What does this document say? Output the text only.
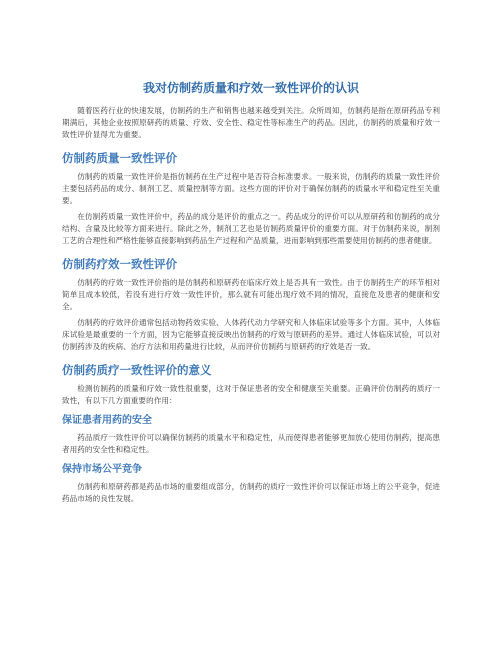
我对仿制药质量和疗效一致性评价的认识

随着医药行业的快速发展，仿制药的生产和销售也越来越受到关注。众所周知，仿制药是指在原研药品专利期满后，其他企业按照原研药的质量、疗效、安全性、稳定性等标准生产的药品。因此，仿制药的质量和疗效一致性评价显得尤为重要。

仿制药质量一致性评价

仿制药的质量一致性评价是指仿制药在生产过程中是否符合标准要求。一般来说，仿制药的质量一致性评价主要包括药品的成分、制剂工艺、质量控制等方面。这些方面的评价对于确保仿制药的质量水平和稳定性至关重要。

在仿制药质量一致性评价中，药品的成分是评价的重点之一。药品成分的评价可以从原研药和仿制药的成分结构、含量及比较等方面来进行。除此之外，制剂工艺也是仿制药质量评价的重要方面。对于仿制药来说，制剂工艺的合理性和严格性能够直接影响到药品生产过程和产品质量，进而影响到那些需要使用仿制药的患者健康。

仿制药疗效一致性评价

仿制药的疗效一致性评价指的是仿制药和原研药在临床疗效上是否具有一致性。由于仿制药生产的环节相对简单且成本较低，若没有进行疗效一致性评价，那么就有可能出现疗效不同的情况，直接危及患者的健康和安全。

仿制药的疗效评价通常包括动物药效实验、人体药代动力学研究和人体临床试验等多个方面。其中，人体临床试验是最重要的一个方面，因为它能够直接反映出仿制药的疗效与原研药的差异。通过人体临床试验，可以对仿制药涉及的疾病、治疗方法和用药量进行比较，从而评价仿制药与原研药的疗效是否一致。

仿制药质疗一致性评价的意义

检测仿制药的质量和疗效一致性很重要，这对于保证患者的安全和健康至关重要。正确评价仿制药的质疗一致性，有以下几方面重要的作用：

保证患者用药的安全

药品质疗一致性评价可以确保仿制药的质量水平和稳定性，从而使得患者能够更加放心使用仿制药，提高患者用药的安全性和稳定性。

保持市场公平竞争

仿制药和原研药都是药品市场的重要组成部分，仿制药的质疗一致性评价可以保证市场上的公平竞争，促进药品市场的良性发展。
